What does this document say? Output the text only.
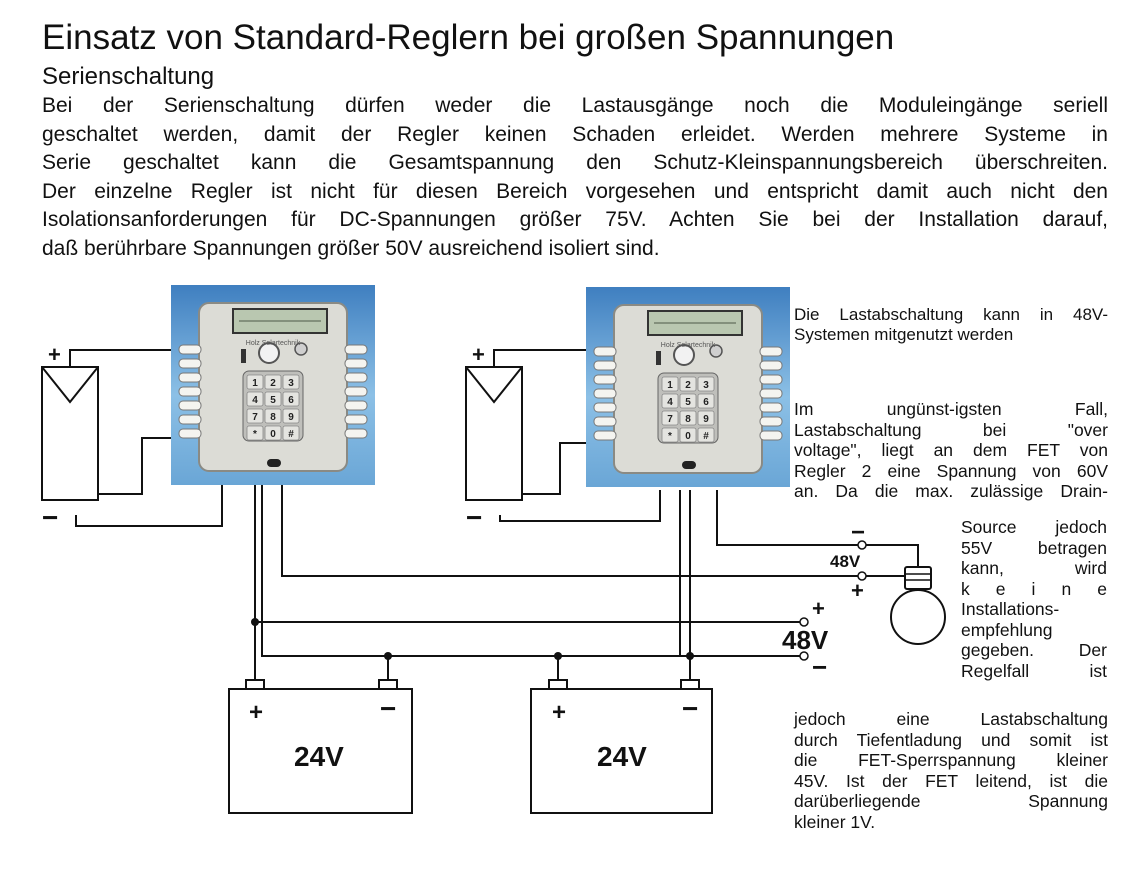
Einsatz von Standard-Reglern bei großen Spannungen
Serienschaltung

Bei der Serienschaltung dürfen weder die Lastausgänge noch die Moduleingänge seriell

geschaltet werden, damit der Regler keinen Schaden erleidet. Werden mehrere Systeme in

Serie geschaltet kann die Gesamtspannung den Schutz-Kleinspannungsbereich überschreiten.

Der einzelne Regler ist nicht für diesen Bereich vorgesehen und entspricht damit auch nicht den

Isolationsanforderungen für DC-Spannungen größer 75V. Achten Sie bei der Installation darauf,

daß berührbare Spannungen größer 50V ausreichend isoliert sind.

Die Lastabschaltung kann in 48V-

Systemen mitgenutzt werden

Im ungünst-igsten Fall,

Lastabschaltung bei "over

voltage", liegt an dem FET von

Regler 2 eine Spannung von 60V

an. Da die max. zulässige Drain-

Source jedoch

55V betragen

kann, wird

k e i n e

Installations-

empfehlung

gegeben. Der

Regelfall ist

jedoch eine Lastabschaltung

durch Tiefentladung und somit ist

die FET-Sperrspannung kleiner

45V. Ist der FET leitend, ist die

darüberliegende Spannung

kleiner 1V.

+
−
+
−	−
48V
+
+
48V
−
Holz Solartechnik
1 2 3
4 5 6
7 8 9
* 0 #
Holz Solartechnik
1 2 3
4 5 6
7 8 9
* 0 #
+	−
24V
+	−
24V
